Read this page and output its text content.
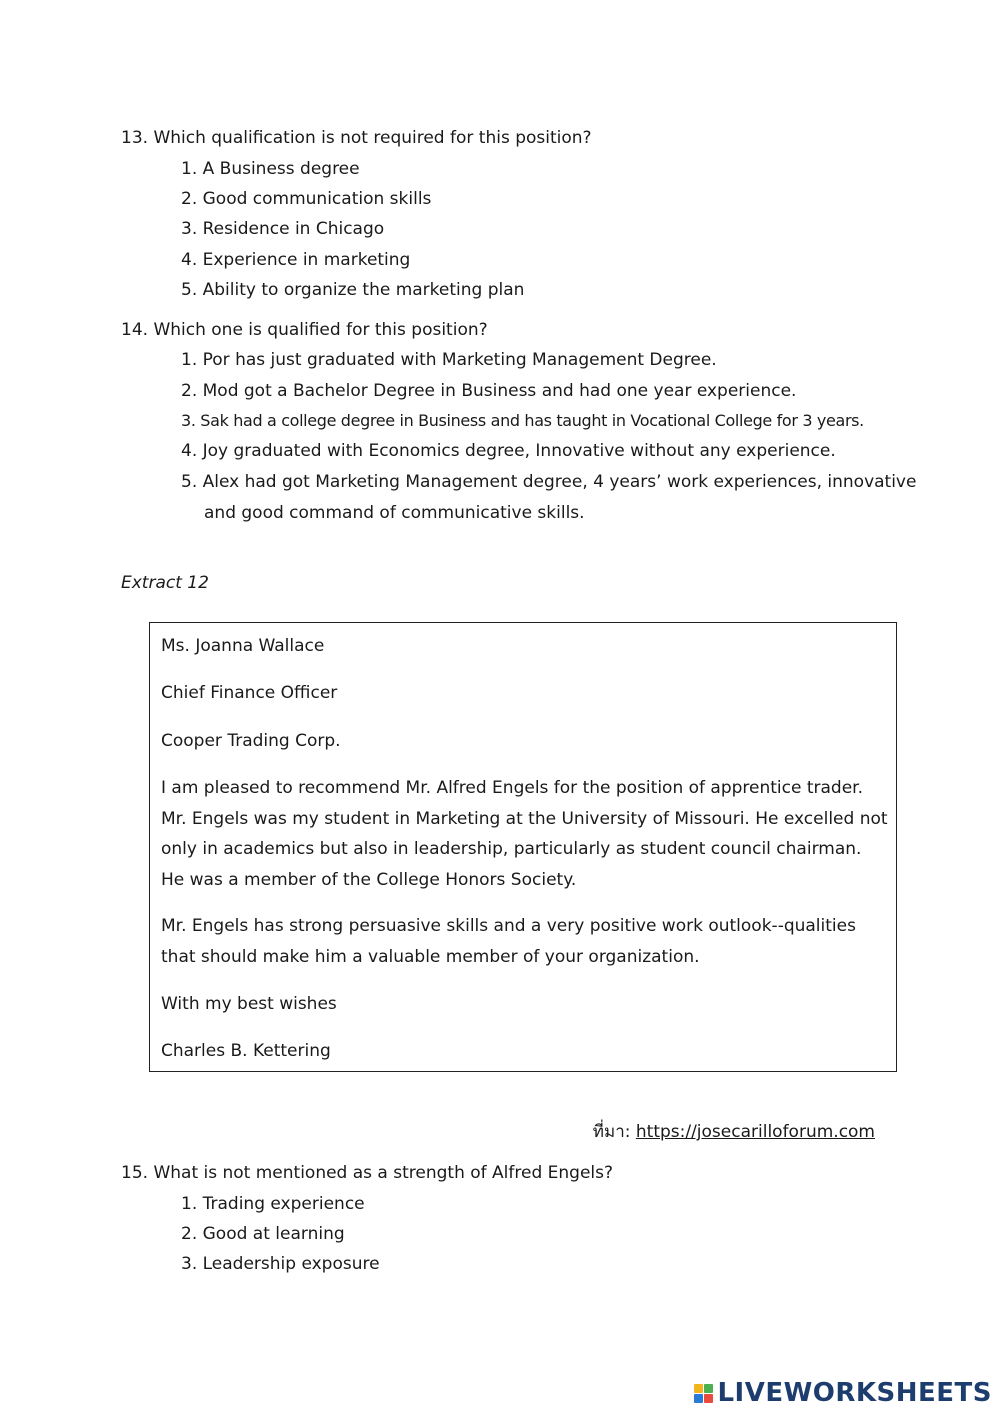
13. Which qualification is not required for this position?
1. A Business degree
2. Good communication skills
3. Residence in Chicago
4. Experience in marketing
5. Ability to organize the marketing plan
14. Which one is qualified for this position?
1. Por has just graduated with Marketing Management Degree.
2. Mod got a Bachelor Degree in Business and had one year experience.
3. Sak had a college degree in Business and has taught in Vocational College for 3 years.
4. Joy graduated with Economics degree, Innovative without any experience.
5. Alex had got Marketing Management degree, 4 years’ work experiences, innovative
and good command of communicative skills.
Extract 12
Ms. Joanna Wallace
Chief Finance Officer
Cooper Trading Corp.
I am pleased to recommend Mr. Alfred Engels for the position of apprentice trader. Mr. Engels was my student in Marketing at the University of Missouri. He excelled not only in academics but also in leadership, particularly as student council chairman. He was a member of the College Honors Society.
Mr. Engels has strong persuasive skills and a very positive work outlook--qualities that should make him a valuable member of your organization.
With my best wishes
Charles B. Kettering
ที่มา: https://josecarilloforum.com
15. What is not mentioned as a strength of Alfred Engels?
1. Trading experience
2. Good at learning
3. Leadership exposure
LIVEWORKSHEETS
